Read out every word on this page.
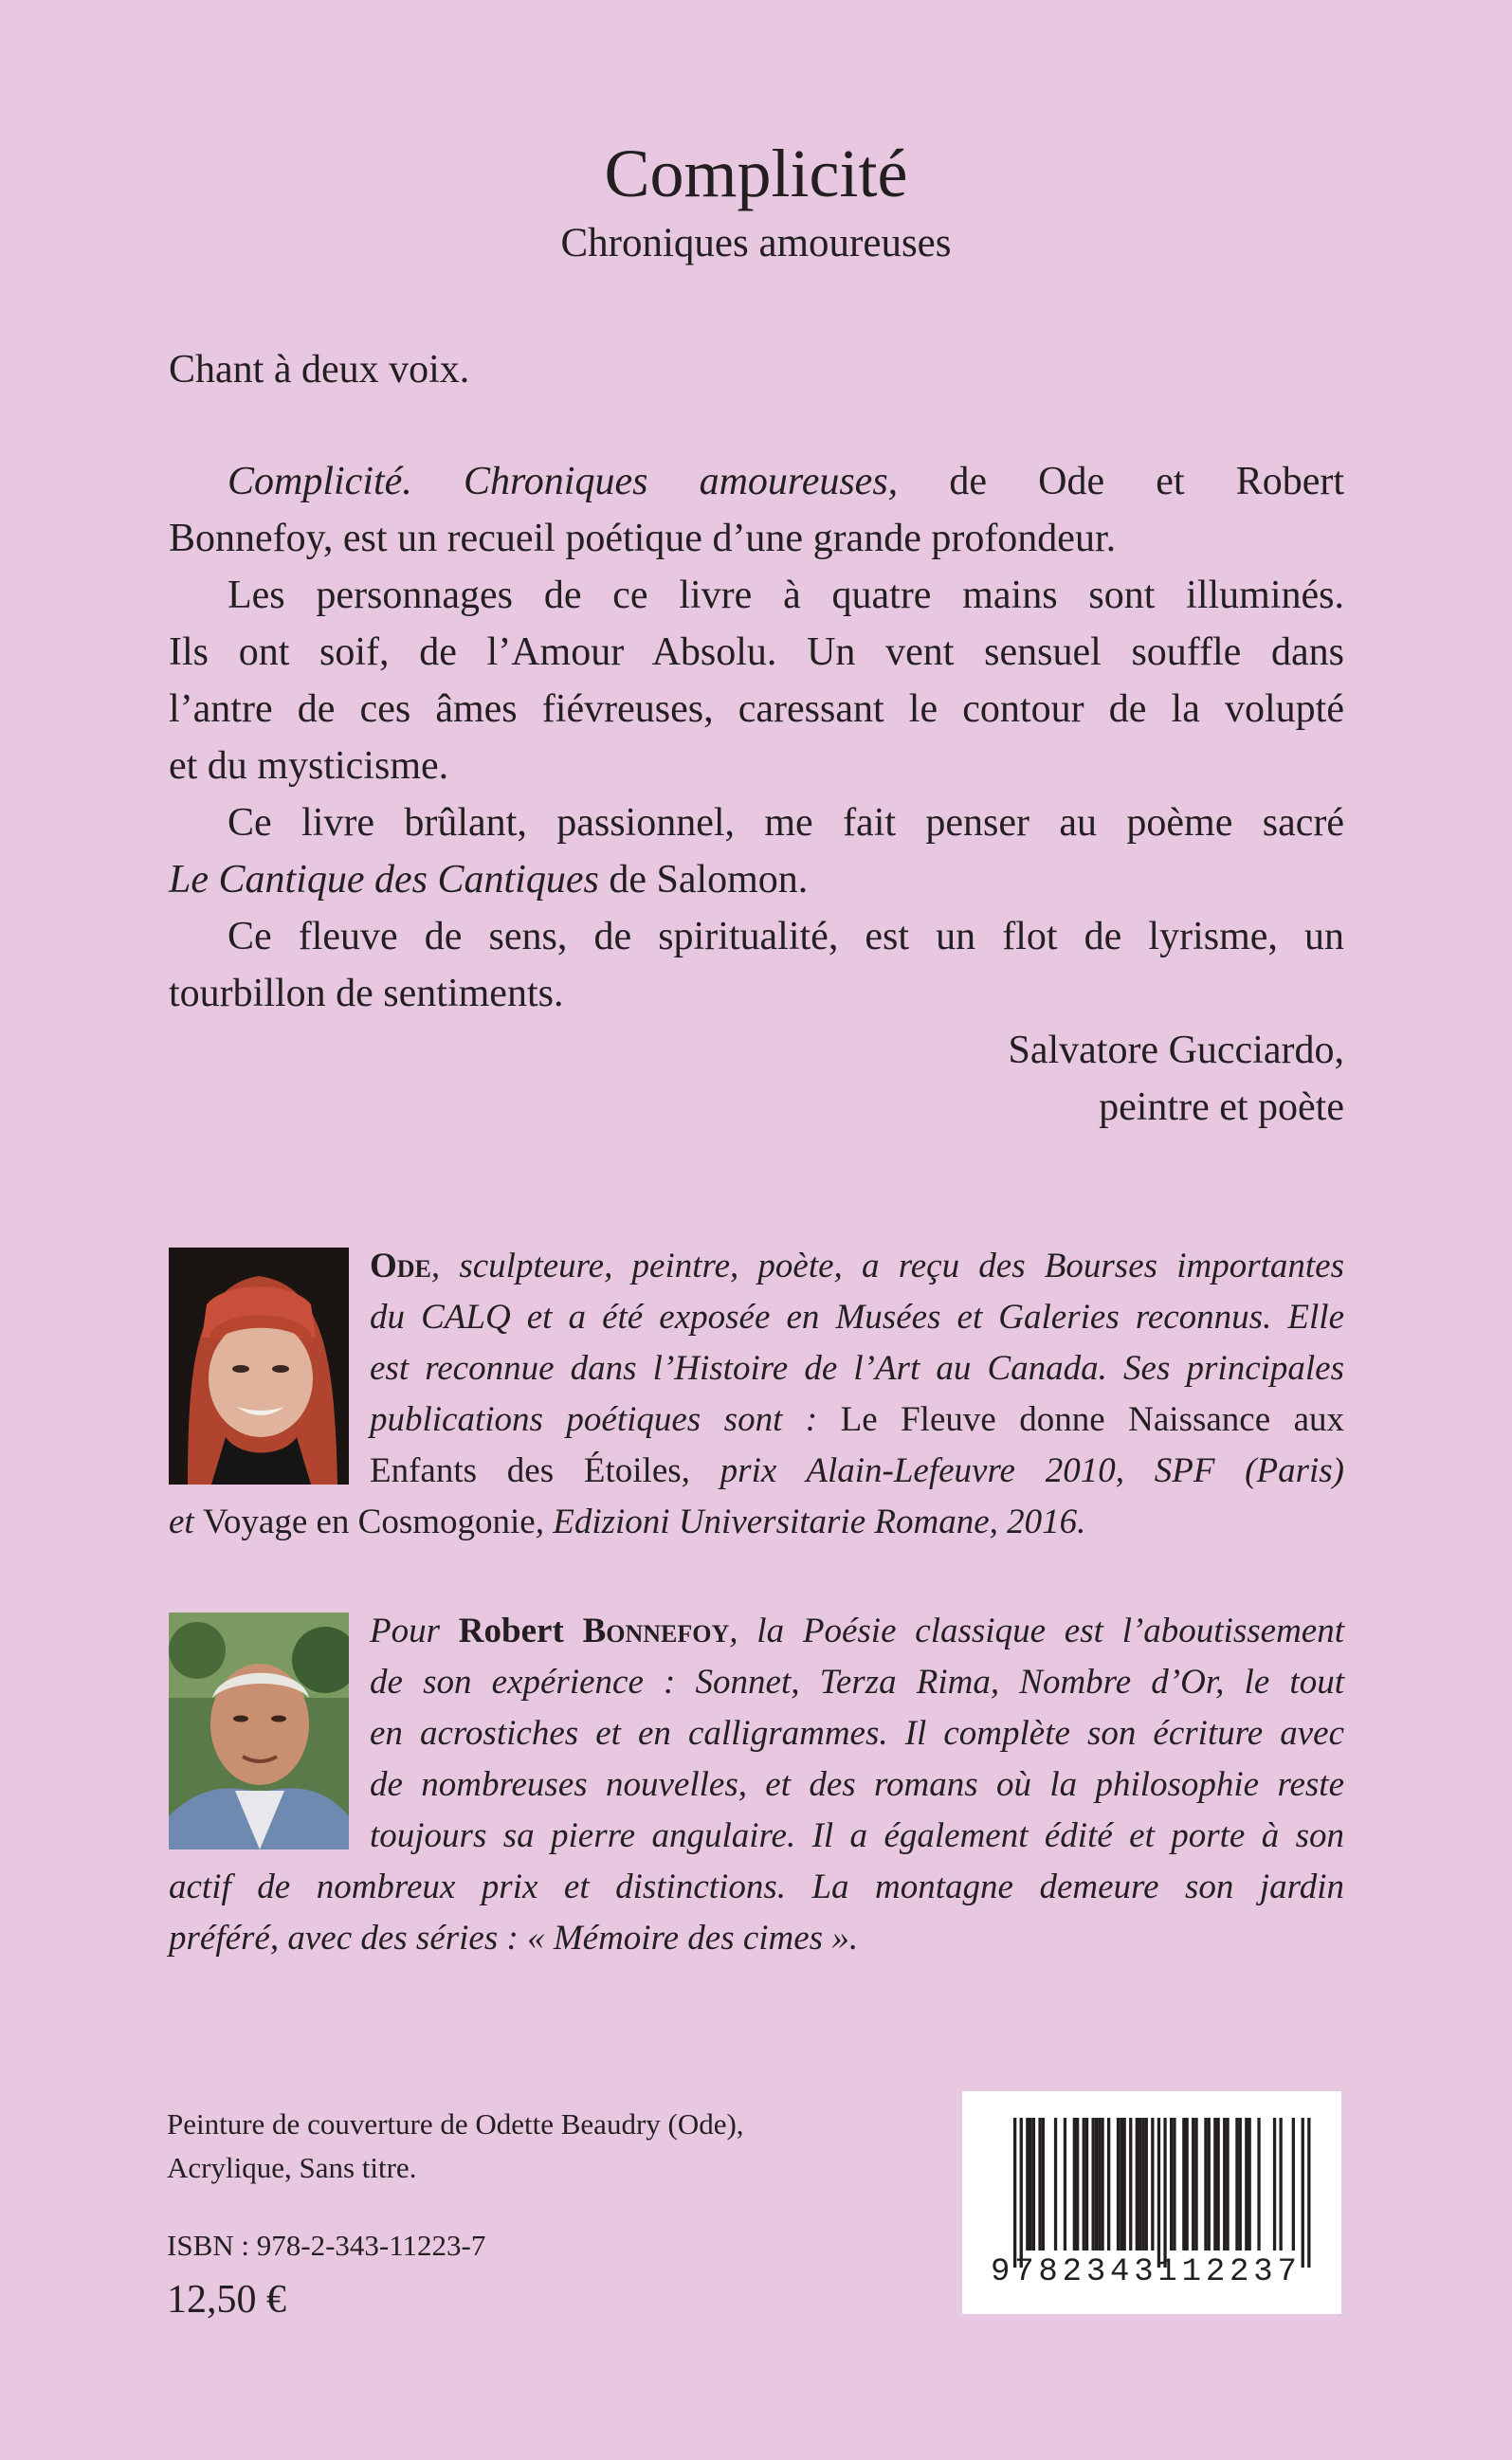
Complicité
Chroniques amoureuses
Chant à deux voix.
Complicité. Chroniques amoureuses, de Ode et Robert
Bonnefoy, est un recueil poétique d’une grande profondeur.
Les personnages de ce livre à quatre mains sont illuminés.
Ils ont soif, de l’Amour Absolu. Un vent sensuel souffle dans
l’antre de ces âmes fiévreuses, caressant le contour de la volupté
et du mysticisme.
Ce livre brûlant, passionnel, me fait penser au poème sacré
Le Cantique des Cantiques de Salomon.
Ce fleuve de sens, de spiritualité, est un flot de lyrisme, un
tourbillon de sentiments.
Salvatore Gucciardo,
peintre et poète
Ode, sculpteure, peintre, poète, a reçu des Bourses importantes
du CALQ et a été exposée en Musées et Galeries reconnus. Elle
est reconnue dans l’Histoire de l’Art au Canada. Ses principales
publications poétiques sont : Le Fleuve donne Naissance aux
Enfants des Étoiles, prix Alain-Lefeuvre 2010, SPF (Paris)
et Voyage en Cosmogonie, Edizioni Universitarie Romane, 2016.
Pour Robert Bonnefoy, la Poésie classique est l’aboutissement
de son expérience : Sonnet, Terza Rima, Nombre d’Or, le tout
en acrostiches et en calligrammes. Il complète son écriture avec
de nombreuses nouvelles, et des romans où la philosophie reste
toujours sa pierre angulaire. Il a également édité et porte à son
actif de nombreux prix et distinctions. La montagne demeure son jardin
préféré, avec des séries : « Mémoire des cimes ».
Peinture de couverture de Odette Beaudry (Ode),
Acrylique, Sans titre.
ISBN : 978-2-343-11223-7
12,50 €
9782343112237
